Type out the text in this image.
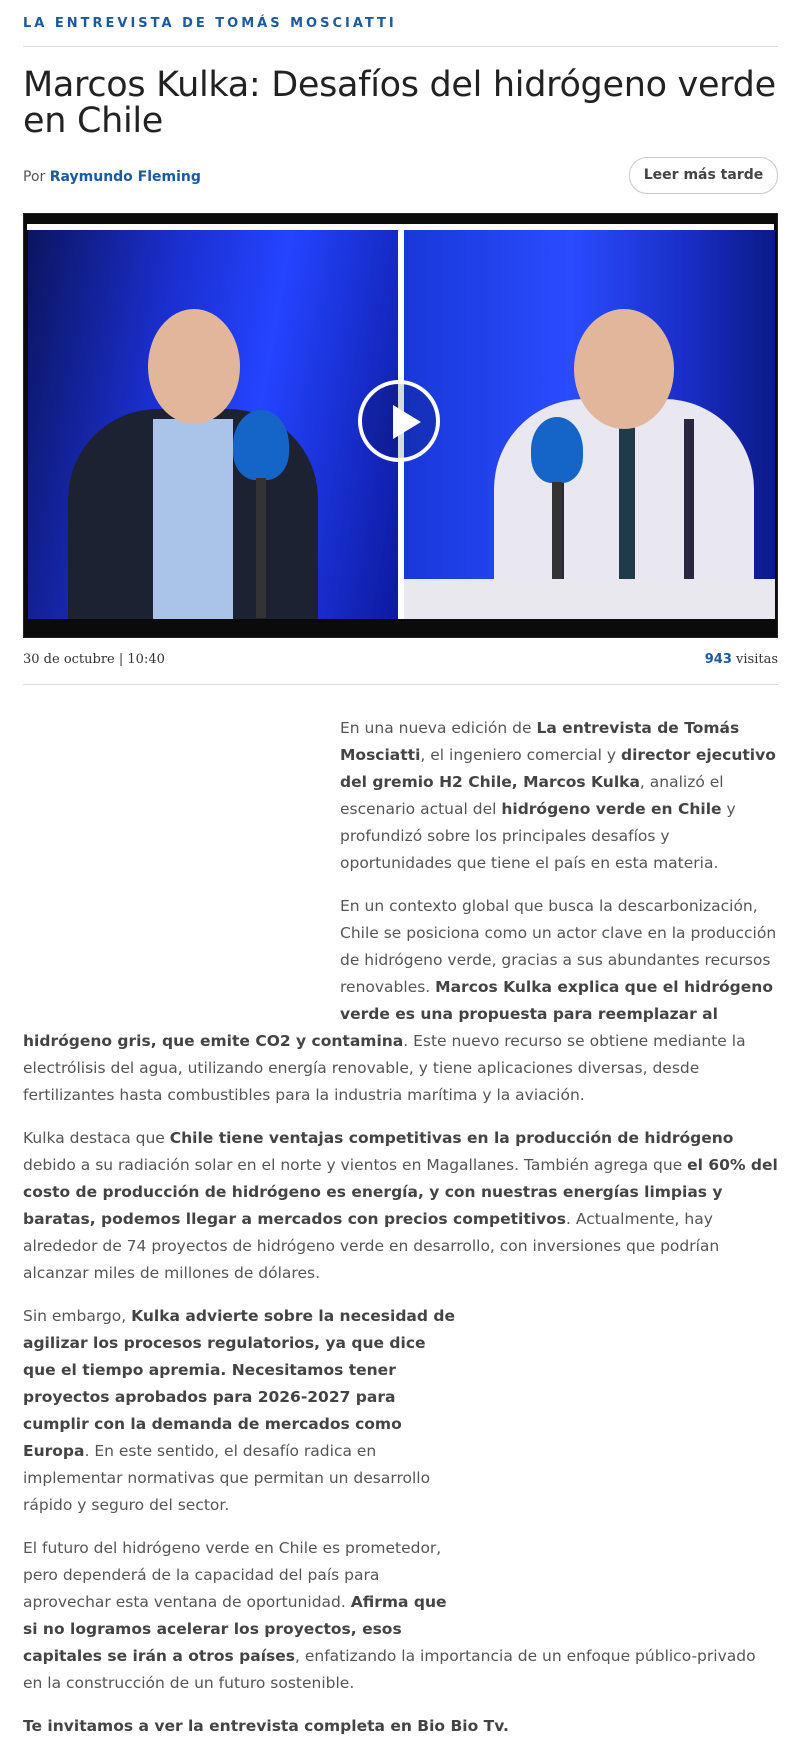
LA ENTREVISTA DE TOMÁS MOSCIATTI
Marcos Kulka: Desafíos del hidrógeno verde en Chile
Por Raymundo Fleming	Leer más tarde
30 de octubre | 10:40	943 visitas

En una nueva edición de La entrevista de Tomás Mosciatti, el ingeniero comercial y director ejecutivo del gremio H2 Chile, Marcos Kulka, analizó el escenario actual del hidrógeno verde en Chile y profundizó sobre los principales desafíos y oportunidades que tiene el país en esta materia.

En un contexto global que busca la descarbonización, Chile se posiciona como un actor clave en la producción de hidrógeno verde, gracias a sus abundantes recursos renovables. Marcos Kulka explica que el hidrógeno verde es una propuesta para reemplazar al hidrógeno gris, que emite CO2 y contamina. Este nuevo recurso se obtiene mediante la electrólisis del agua, utilizando energía renovable, y tiene aplicaciones diversas, desde fertilizantes hasta combustibles para la industria marítima y la aviación.

Kulka destaca que Chile tiene ventajas competitivas en la producción de hidrógeno debido a su radiación solar en el norte y vientos en Magallanes. También agrega que el 60% del costo de producción de hidrógeno es energía, y con nuestras energías limpias y baratas, podemos llegar a mercados con precios competitivos. Actualmente, hay alrededor de 74 proyectos de hidrógeno verde en desarrollo, con inversiones que podrían alcanzar miles de millones de dólares.

Sin embargo, Kulka advierte sobre la necesidad de agilizar los procesos regulatorios, ya que dice que el tiempo apremia. Necesitamos tener proyectos aprobados para 2026-2027 para cumplir con la demanda de mercados como Europa. En este sentido, el desafío radica en implementar normativas que permitan un desarrollo rápido y seguro del sector.

El futuro del hidrógeno verde en Chile es prometedor, pero dependerá de la capacidad del país para aprovechar esta ventana de oportunidad. Afirma que si no logramos acelerar los proyectos, esos capitales se irán a otros países, enfatizando la importancia de un enfoque público-privado en la construcción de un futuro sostenible.

Te invitamos a ver la entrevista completa en Bio Bio Tv.
